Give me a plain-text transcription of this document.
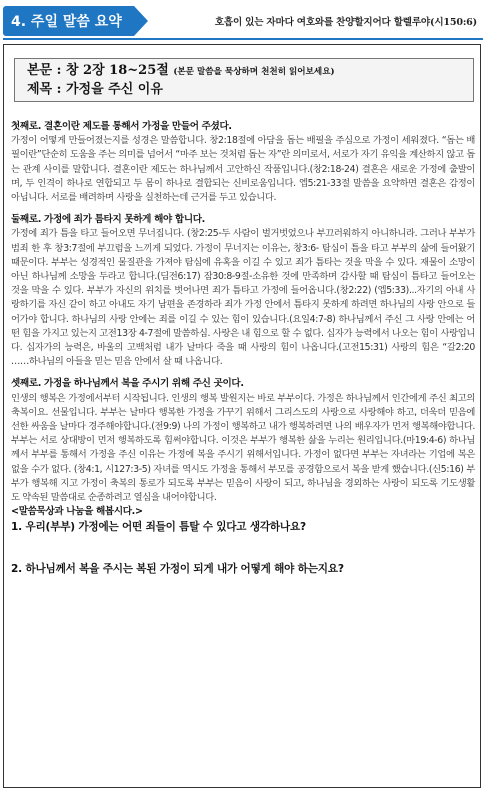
4. 주일 말씀 요약	호흡이 있는 자마다 여호와를 찬양할지어다 할렐루야(시150:6)
본문 : 창 2장 18~25절 (본문 말씀을 묵상하며 천천히 읽어보세요)
제목 : 가정을 주신 이유
첫째로. 결혼이란 제도를 통해서 가정을 만들어 주셨다.

가정이 어떻게 만들어졌는지를 성경은 말씀합니다. 창2:18절에 아담을 돕는 배필을 주심으로 가정이 세워졌다. “돕는 배필이란”단순히 도움을 주는 의미를 넘어서 “마주 보는 것처럼 돕는 자”란 의미로서, 서로가 자기 유익을 계산하지 않고 돕는 관계 사이를 말합니다. 결혼이란 제도는 하나님께서 고안하신 작품입니다.(창2:18-24) 결혼은 새로운 가정에 출발이며, 두 인격이 하나로 연합되고 두 몸이 하나로 결합되는 신비로움입니다. 엡5:21-33절 말씀을 요약하면 결혼은 감정이 아닙니다. 서로를 배려하며 사랑을 실천하는데 근거를 두고 있습니다.

둘째로. 가정에 죄가 틈타지 못하게 해야 합니다.

가정에 죄가 틈을 타고 들어오면 무너집니다. (창2:25-두 사람이 벌거벗었으나 부끄러워하지 아니하니라. 그러나 부부가 범죄 한 후 창3:7절에 부끄럼을 느끼게 되었다. 가정이 무너지는 이유는, 창3:6- 탐심이 틈을 타고 부부의 삶에 들어왔기 때문이다. 부부는 성경적인 물질관을 가져야 탐심에 유혹을 이길 수 있고 죄가 틈타는 것을 막을 수 있다. 재물이 소망이 아닌 하나님께 소망을 두라고 합니다.(딤전6:17) 잠30:8-9절-소유한 것에 만족하며 감사할 때 탐심이 틈타고 들어오는 것을 막을 수 있다. 부부가 자신의 위치를 벗어나면 죄가 틈타고 가정에 들어옵니다.(창2:22) (엡5:33)...자기의 아내 사랑하기를 자신 같이 하고 아내도 자기 남편을 존경하라 죄가 가정 안에서 틈타지 못하게 하려면 하나님의 사랑 안으로 들어가야 합니다. 하나님의 사랑 안에는 죄를 이길 수 있는 힘이 있습니다.(요일4:7-8) 하나님께서 주신 그 사랑 안에는 어떤 힘을 가지고 있는지 고전13장 4-7절에 말씀하심. 사랑은 내 힘으로 할 수 없다. 십자가 능력에서 나오는 힘이 사랑입니다. 십자가의 능력은, 바울의 고백처럼 내가 날마다 죽을 때 사랑의 힘이 나옵니다.(고전15:31) 사랑의 힘은 “갈2:20 ……하나님의 아들을 믿는 믿음 안에서 살 때 나옵니다.

셋째로. 가정을 하나님께서 복을 주시기 위해 주신 곳이다.

인생의 행복은 가정에서부터 시작됩니다. 인생의 행복 발원지는 바로 부부이다. 가정은 하나님께서 인간에게 주신 최고의 축복이요. 선물입니다. 부부는 날마다 행복한 가정을 가꾸기 위해서 그리스도의 사랑으로 사랑해야 하고, 더욱더 믿음에 선한 싸움을 날마다 경주해야합니다.(전9:9) 나의 가정이 행복하고 내가 행복하려면 나의 배우자가 먼저 행복해야합니다. 부부는 서로 상대방이 먼저 행복하도록 힘써야합니다. 이것은 부부가 행복한 삶을 누리는 원리입니다.(마19:4-6) 하나님께서 부부를 통해서 가정을 주신 이유는 가정에 복을 주시기 위해서입니다. 가정이 없다면 부부는 자녀라는 기업에 복은 없을 수가 없다. (창4:1, 시127:3-5) 자녀를 역시도 가정을 통해서 부모를 공경함으로서 복을 받게 했습니다.(신5:16) 부부가 행복해 지고 가정이 축복의 통로가 되도록 부부는 믿음이 사랑이 되고, 하나님을 경외하는 사랑이 되도록 기도생활도 약속된 말씀대로 순종하려고 열심을 내어야합니다.

<말씀묵상과 나눔을 해봅시다.>
1. 우리(부부) 가정에는 어떤 죄들이 틈탈 수 있다고 생각하나요?
2. 하나님께서 복을 주시는 복된 가정이 되게 내가 어떻게 해야 하는지요?
